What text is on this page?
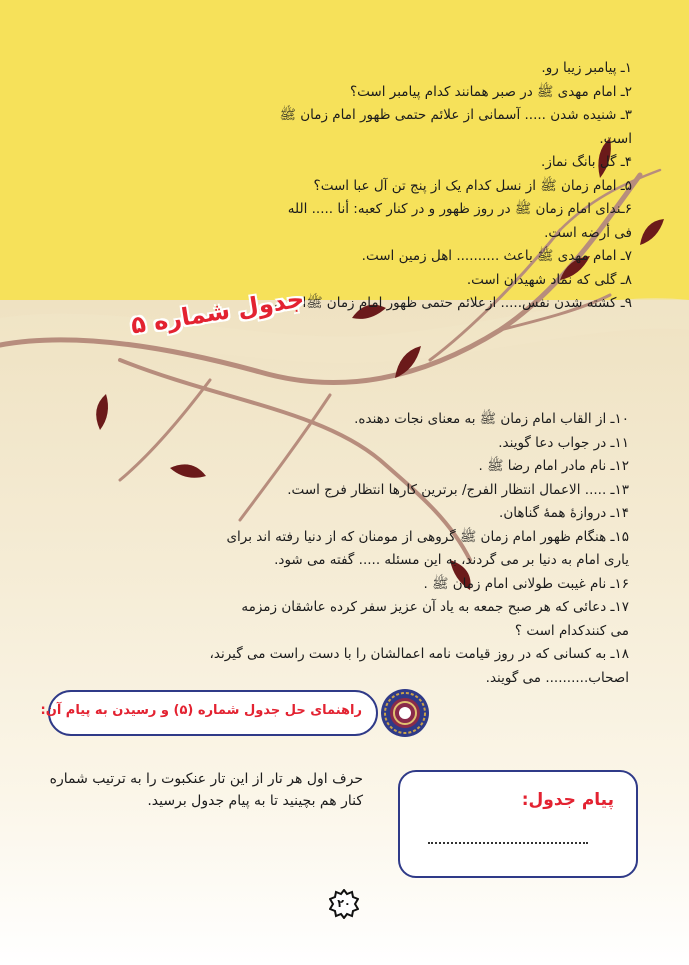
۱ـ پیامبر زیبا رو.

۲ـ امام مهدی ﷺ در صبر همانند کدام پیامبر است؟

۳ـ شنیده شدن ..... آسمانی از علائم حتمی ظهور امام زمان ﷺ

است.

۴ـ گل بانگ نماز.

۵ـ امام زمان ﷺ از نسل کدام یک از پنج تن آل عبا است؟

۶ـندای امام زمان ﷺ در روز ظهور و در کنار کعبه: أنا ..... الله

فی أرضه است.

۷ـ امام مهدی ﷺ باعث .......... اهل زمین است.

۸ـ گلی که نماد شهیدان است.

۹ـ کشته شدن نفس..... ازعلائم حتمی ظهور امام زمان ﷺاست.

جدول شماره ۵

۱۰ـ از القاب امام زمان ﷺ به معنای نجات دهنده.

۱۱ـ در جواب دعا گویند.

۱۲ـ نام مادر امام رضا ﷺ .

۱۳ـ ..... الاعمال انتظار الفرج/ برترین کارها انتظار فرج است.

۱۴ـ دروازۀ همۀ گناهان.

۱۵ـ هنگام ظهور امام زمان ﷺ گروهی از مومنان که از دنیا رفته اند برای

یاری امام به دنیا بر می گردند، به این مسئله ..... گفته می شود.

۱۶ـ نام غیبت طولانی امام زمان ﷺ .

۱۷ـ دعائی که هر صبح جمعه به یاد آن عزیز سفر کرده عاشقان زمزمه

می کنندکدام است ؟

۱۸ـ به کسانی که در روز قیامت نامه اعمالشان را با دست راست می گیرند،

اصحاب.......... می گویند.

راهنمای حل جدول شماره (۵) و رسیدن به پیام آن:
حرف اول هر تار از این تار عنکبوت را به ترتیب شماره کنار هم بچینید تا به پیام جدول برسید.	پیام جدول:
۲۰
